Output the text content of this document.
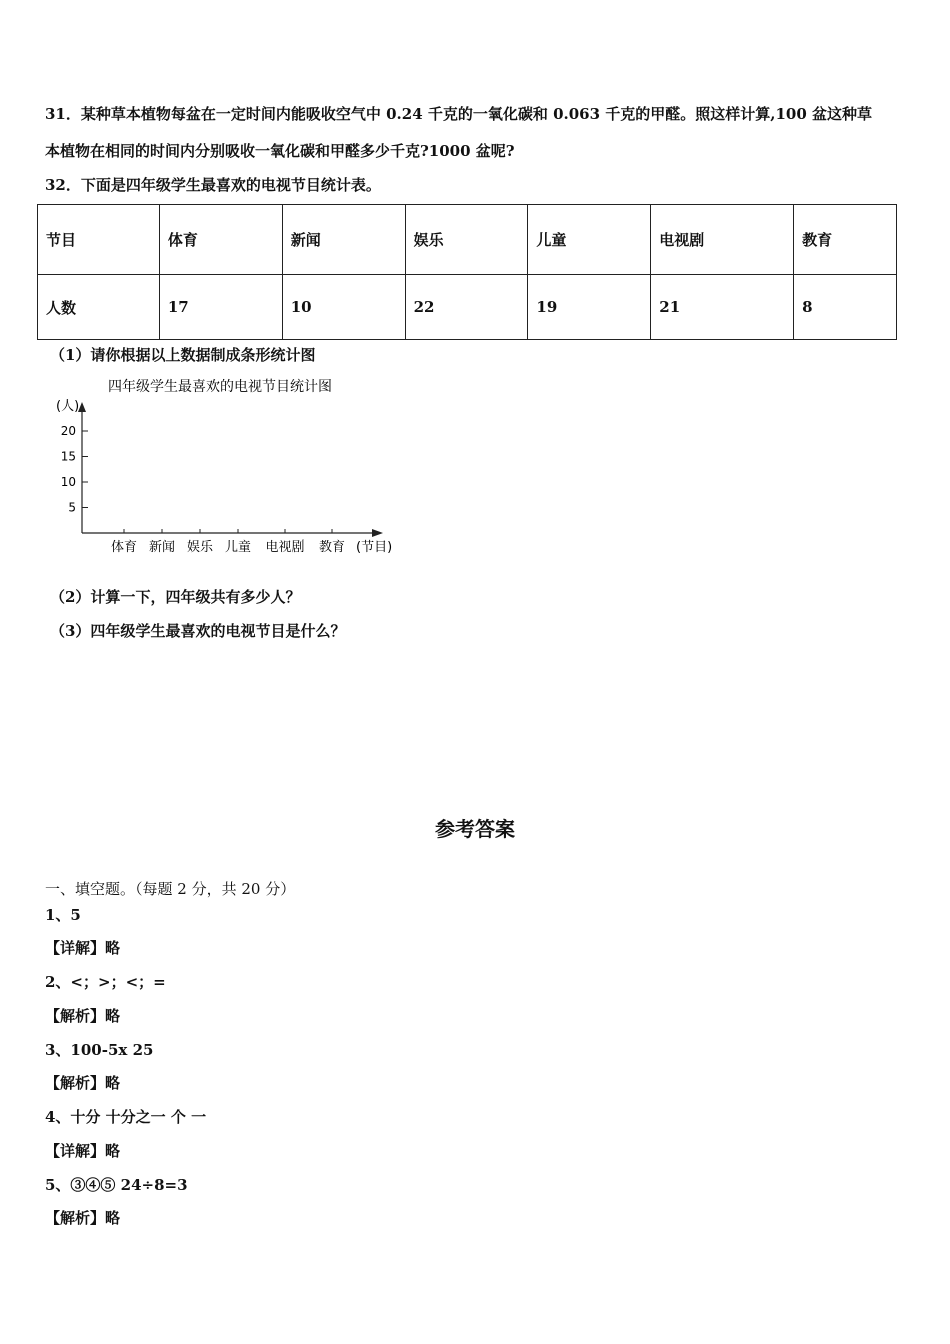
31．某种草本植物每盆在一定时间内能吸收空气中 0.24 千克的一氧化碳和 0.063 千克的甲醛。照这样计算,100 盆这种草
本植物在相同的时间内分别吸收一氧化碳和甲醛多少千克?1000 盆呢?
32．下面是四年级学生最喜欢的电视节目统计表。
节目	体育	新闻	娱乐	儿童	电视剧	教育
人数	17	10	22	19	21	8
（1）请你根据以上数据制成条形统计图
四年级学生最喜欢的电视节目统计图
(人)
5
10
15
20
体育 新闻 娱乐 儿童 电视剧 教育 (节目)
（2）计算一下，四年级共有多少人？
（3）四年级学生最喜欢的电视节目是什么？
参考答案
一、填空题。（每题 2 分，共 20 分）
1、5
【详解】略
2、<；>；<；=
【解析】略
3、100-5x 25
【解析】略
4、十分 十分之一 个 一
【详解】略
5、③④⑤ 24÷8=3
【解析】略
